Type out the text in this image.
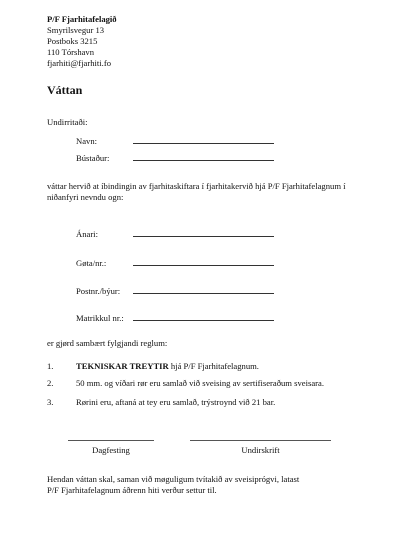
P/F Fjarhitafelagið
Smyrilsvegur 13
Postboks 3215
110 Tórshavn
fjarhiti@fjarhiti.fo
Váttan
Undirritaði:
Navn:
Bústaður:
váttar hervið at íbindingin av fjarhitaskiftara í fjarhitakervið hjá P/F Fjarhitafelagnum í niðanfyri nevndu ogn:
Ánari:
Gøta/nr.:
Postnr./býur:
Matrikkul nr.:
er gjørd sambært fylgjandi reglum:
1.	TEKNISKAR TREYTIR hjá P/F Fjarhitafelagnum.
2.	50 mm. og víðari rør eru samlað við sveising av sertifiseraðum sveisara.
3.	Rørini eru, aftaná at tey eru samlað, trýstroynd við 21 bar.
Dagfesting	Undirskrift
Hendan váttan skal, saman við møguligum tvítakið av sveisiprógvi, latast
P/F Fjarhitafelagnum áðrenn hiti verður settur til.
